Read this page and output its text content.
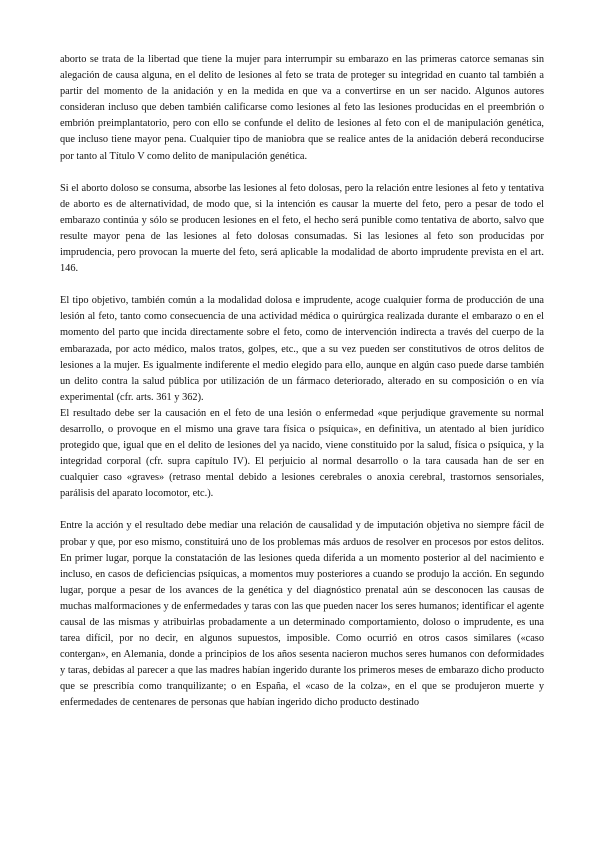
aborto se trata de la libertad que tiene la mujer para interrumpir su embarazo en las primeras catorce semanas sin alegación de causa alguna, en el delito de lesiones al feto se trata de proteger su integridad en cuanto tal también a partir del momento de la anidación y en la medida en que va a convertirse en un ser nacido. Algunos autores consideran incluso que deben también calificarse como lesiones al feto las lesiones producidas en el preembrión o embrión preimplantatorio, pero con ello se confunde el delito de lesiones al feto con el de manipulación genética, que incluso tiene mayor pena. Cualquier tipo de maniobra que se realice antes de la anidación deberá reconducirse por tanto al Título V como delito de manipulación genética.

Si el aborto doloso se consuma, absorbe las lesiones al feto dolosas, pero la relación entre lesiones al feto y tentativa de aborto es de alternatividad, de modo que, si la intención es causar la muerte del feto, pero a pesar de todo el embarazo continúa y sólo se producen lesiones en el feto, el hecho será punible como tentativa de aborto, salvo que resulte mayor pena de las lesiones al feto dolosas consumadas. Si las lesiones al feto son producidas por imprudencia, pero provocan la muerte del feto, será aplicable la modalidad de aborto imprudente prevista en el art. 146.

El tipo objetivo, también común a la modalidad dolosa e imprudente, acoge cualquier forma de producción de una lesión al feto, tanto como consecuencia de una actividad médica o quirúrgica realizada durante el embarazo o en el momento del parto que incida directamente sobre el feto, como de intervención indirecta a través del cuerpo de la embarazada, por acto médico, malos tratos, golpes, etc., que a su vez pueden ser constitutivos de otros delitos de lesiones a la mujer. Es igualmente indiferente el medio elegido para ello, aunque en algún caso puede darse también un delito contra la salud pública por utilización de un fármaco deteriorado, alterado en su composición o en vía experimental (cfr. arts. 361 y 362).

El resultado debe ser la causación en el feto de una lesión o enfermedad «que perjudique gravemente su normal desarrollo, o provoque en el mismo una grave tara física o psíquica», en definitiva, un atentado al bien jurídico protegido que, igual que en el delito de lesiones del ya nacido, viene constituido por la salud, física o psíquica, y la integridad corporal (cfr. supra capítulo IV). El perjuicio al normal desarrollo o la tara causada han de ser en cualquier caso «graves» (retraso mental debido a lesiones cerebrales o anoxia cerebral, trastornos sensoriales, parálisis del aparato locomotor, etc.).

Entre la acción y el resultado debe mediar una relación de causalidad y de imputación objetiva no siempre fácil de probar y que, por eso mismo, constituirá uno de los problemas más arduos de resolver en procesos por estos delitos. En primer lugar, porque la constatación de las lesiones queda diferida a un momento posterior al del nacimiento e incluso, en casos de deficiencias psíquicas, a momentos muy posteriores a cuando se produjo la acción. En segundo lugar, porque a pesar de los avances de la genética y del diagnóstico prenatal aún se desconocen las causas de muchas malformaciones y de enfermedades y taras con las que pueden nacer los seres humanos; identificar el agente causal de las mismas y atribuirlas probadamente a un determinado comportamiento, doloso o imprudente, es una tarea difícil, por no decir, en algunos supuestos, imposible. Como ocurrió en otros casos similares («caso contergan», en Alemania, donde a principios de los años sesenta nacieron muchos seres humanos con deformidades y taras, debidas al parecer a que las madres habían ingerido durante los primeros meses de embarazo dicho producto que se prescribía como tranquilizante; o en España, el «caso de la colza», en el que se produjeron muerte y enfermedades de centenares de personas que habían ingerido dicho producto destinado
